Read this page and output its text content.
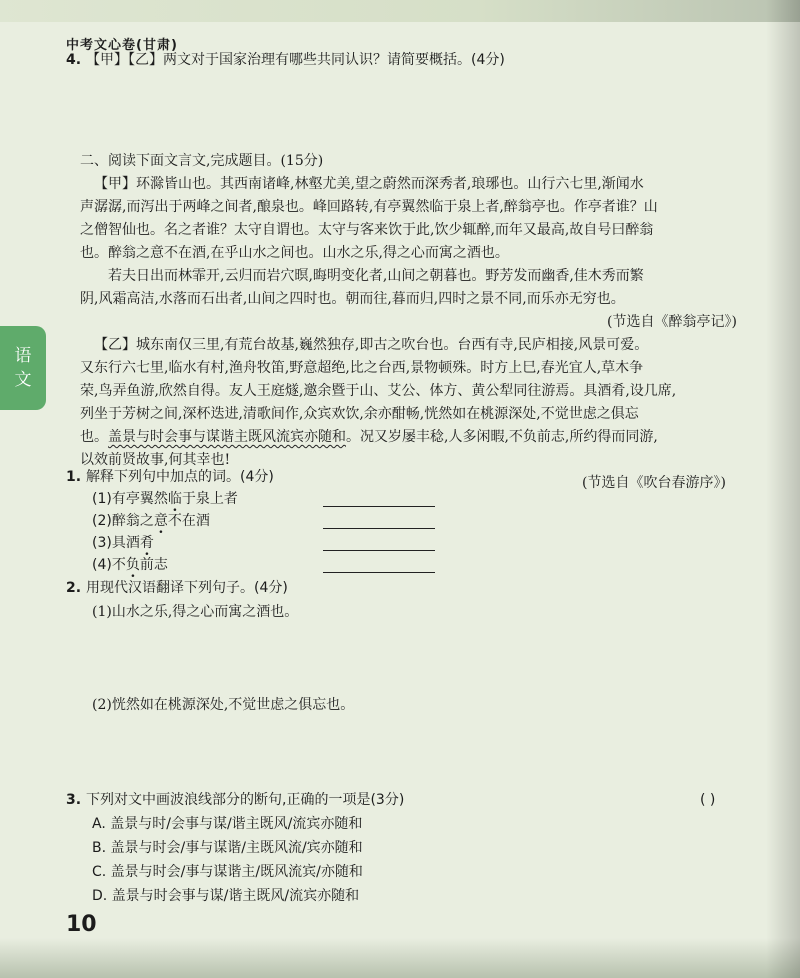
中考文心卷(甘肃)
4. 【甲】【乙】两文对于国家治理有哪些共同认识？请简要概括。(4分)
二、阅读下面文言文,完成题目。(15分)
【甲】环滁皆山也。其西南诸峰,林壑尤美,望之蔚然而深秀者,琅琊也。山行六七里,渐闻水
声潺潺,而泻出于两峰之间者,酿泉也。峰回路转,有亭翼然临于泉上者,醉翁亭也。作亭者谁？山
之僧智仙也。名之者谁？太守自谓也。太守与客来饮于此,饮少辄醉,而年又最高,故自号曰醉翁
也。醉翁之意不在酒,在乎山水之间也。山水之乐,得之心而寓之酒也。
若夫日出而林霏开,云归而岩穴暝,晦明变化者,山间之朝暮也。野芳发而幽香,佳木秀而繁
阴,风霜高洁,水落而石出者,山间之四时也。朝而往,暮而归,四时之景不同,而乐亦无穷也。
(节选自《醉翁亭记》)
【乙】城东南仅三里,有荒台故基,巍然独存,即古之吹台也。台西有寺,民庐相接,风景可爱。
又东行六七里,临水有村,渔舟牧笛,野意超绝,比之台西,景物顿殊。时方上巳,春光宜人,草木争
荣,鸟弄鱼游,欣然自得。友人王庭燧,邀余暨于山、艾公、体方、黄公犁同往游焉。具酒肴,设几席,
列坐于芳树之间,深杯迭进,清歌间作,众宾欢饮,余亦酣畅,恍然如在桃源深处,不觉世虑之俱忘
也。盖景与时会事与谋谐主既风流宾亦随和。况又岁屡丰稔,人多闲暇,不负前志,所约得而同游,
以效前贤故事,何其幸也!
(节选自《吹台春游序》)
1. 解释下列句中加点的词。(4分)
(1)有亭翼然临于泉上者
(2)醉翁之意不在酒
(3)具酒肴
(4)不负前志
2. 用现代汉语翻译下列句子。(4分)
(1)山水之乐,得之心而寓之酒也。
(2)恍然如在桃源深处,不觉世虑之俱忘也。
3. 下列对文中画波浪线部分的断句,正确的一项是(3分)	( )
A. 盖景与时/会事与谋/谐主既风/流宾亦随和
B. 盖景与时会/事与谋谐/主既风流/宾亦随和
C. 盖景与时会/事与谋谐主/既风流宾/亦随和
D. 盖景与时会事与谋/谐主既风/流宾亦随和
语
文
10
